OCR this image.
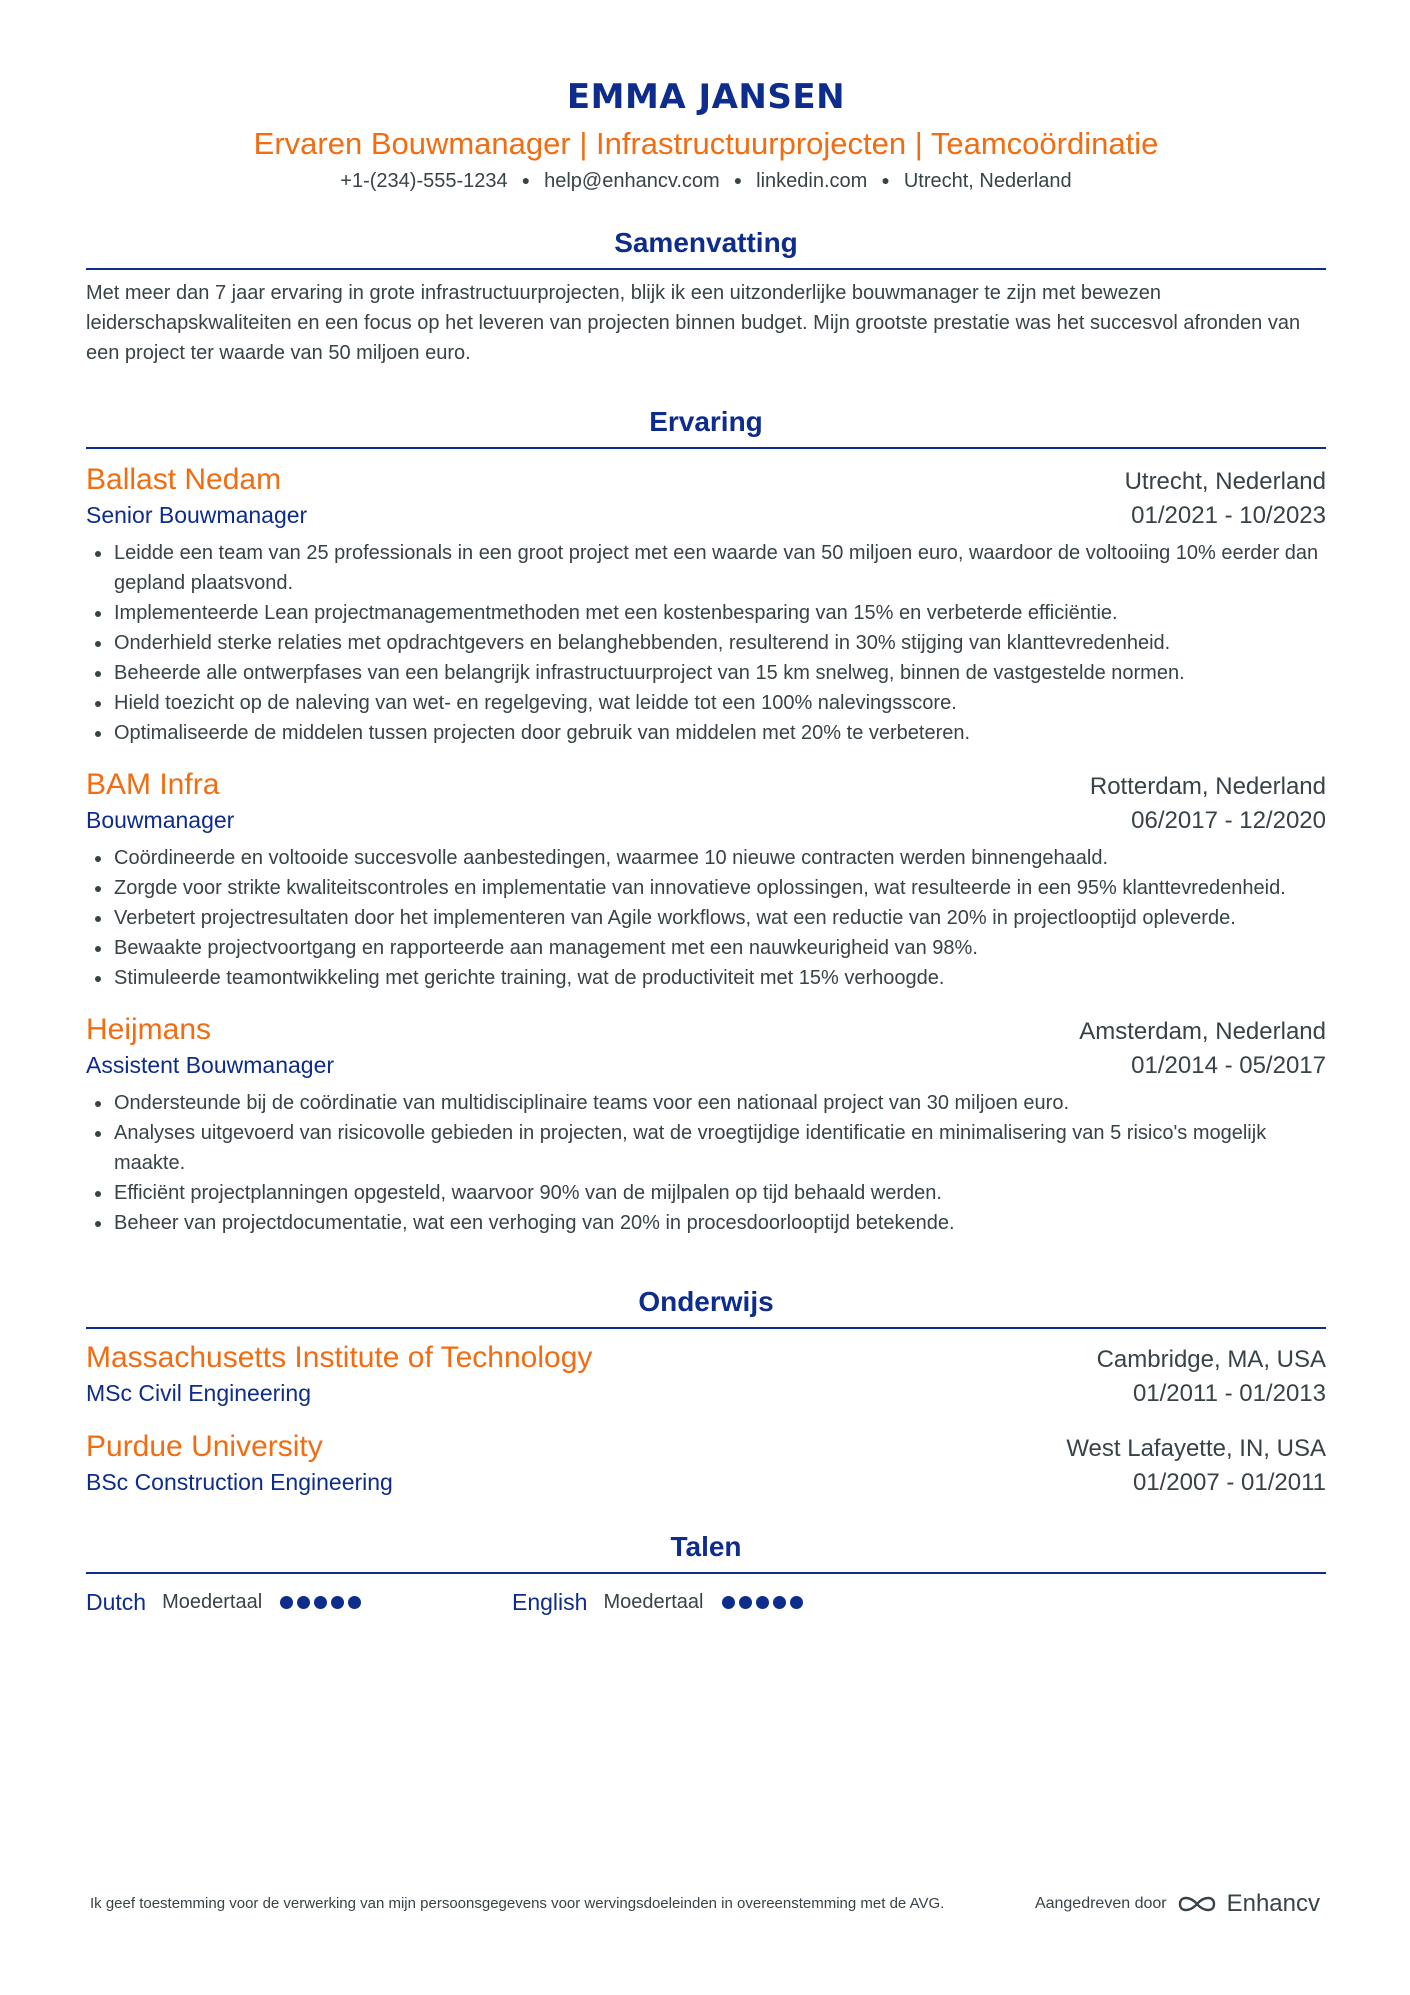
EMMA JANSEN
Ervaren Bouwmanager | Infrastructuurprojecten | Teamcoördinatie
+1-(234)-555-1234 ● help@enhancv.com ● linkedin.com ● Utrecht, Nederland
Samenvatting
Met meer dan 7 jaar ervaring in grote infrastructuurprojecten, blijk ik een uitzonderlijke bouwmanager te zijn met bewezen leiderschapskwaliteiten en een focus op het leveren van projecten binnen budget. Mijn grootste prestatie was het succesvol afronden van een project ter waarde van 50 miljoen euro.
Ervaring
Ballast Nedam	Utrecht, Nederland
Senior Bouwmanager	01/2021 - 10/2023
Leidde een team van 25 professionals in een groot project met een waarde van 50 miljoen euro, waardoor de voltooiing 10% eerder dan gepland plaatsvond.
Implementeerde Lean projectmanagementmethoden met een kostenbesparing van 15% en verbeterde efficiëntie.
Onderhield sterke relaties met opdrachtgevers en belanghebbenden, resulterend in 30% stijging van klanttevredenheid.
Beheerde alle ontwerpfases van een belangrijk infrastructuurproject van 15 km snelweg, binnen de vastgestelde normen.
Hield toezicht op de naleving van wet- en regelgeving, wat leidde tot een 100% nalevingsscore.
Optimaliseerde de middelen tussen projecten door gebruik van middelen met 20% te verbeteren.
BAM Infra	Rotterdam, Nederland
Bouwmanager	06/2017 - 12/2020
Coördineerde en voltooide succesvolle aanbestedingen, waarmee 10 nieuwe contracten werden binnengehaald.
Zorgde voor strikte kwaliteitscontroles en implementatie van innovatieve oplossingen, wat resulteerde in een 95% klanttevredenheid.
Verbetert projectresultaten door het implementeren van Agile workflows, wat een reductie van 20% in projectlooptijd opleverde.
Bewaakte projectvoortgang en rapporteerde aan management met een nauwkeurigheid van 98%.
Stimuleerde teamontwikkeling met gerichte training, wat de productiviteit met 15% verhoogde.
Heijmans	Amsterdam, Nederland
Assistent Bouwmanager	01/2014 - 05/2017
Ondersteunde bij de coördinatie van multidisciplinaire teams voor een nationaal project van 30 miljoen euro.
Analyses uitgevoerd van risicovolle gebieden in projecten, wat de vroegtijdige identificatie en minimalisering van 5 risico's mogelijk maakte.
Efficiënt projectplanningen opgesteld, waarvoor 90% van de mijlpalen op tijd behaald werden.
Beheer van projectdocumentatie, wat een verhoging van 20% in procesdoorlooptijd betekende.
Onderwijs
Massachusetts Institute of Technology	Cambridge, MA, USA
MSc Civil Engineering	01/2011 - 01/2013
Purdue University	West Lafayette, IN, USA
BSc Construction Engineering	01/2007 - 01/2011
Talen
Dutch Moedertaal	English Moedertaal
Ik geef toestemming voor de verwerking van mijn persoonsgegevens voor wervingsdoeleinden in overeenstemming met de AVG.	Aangedreven door	Enhancv
